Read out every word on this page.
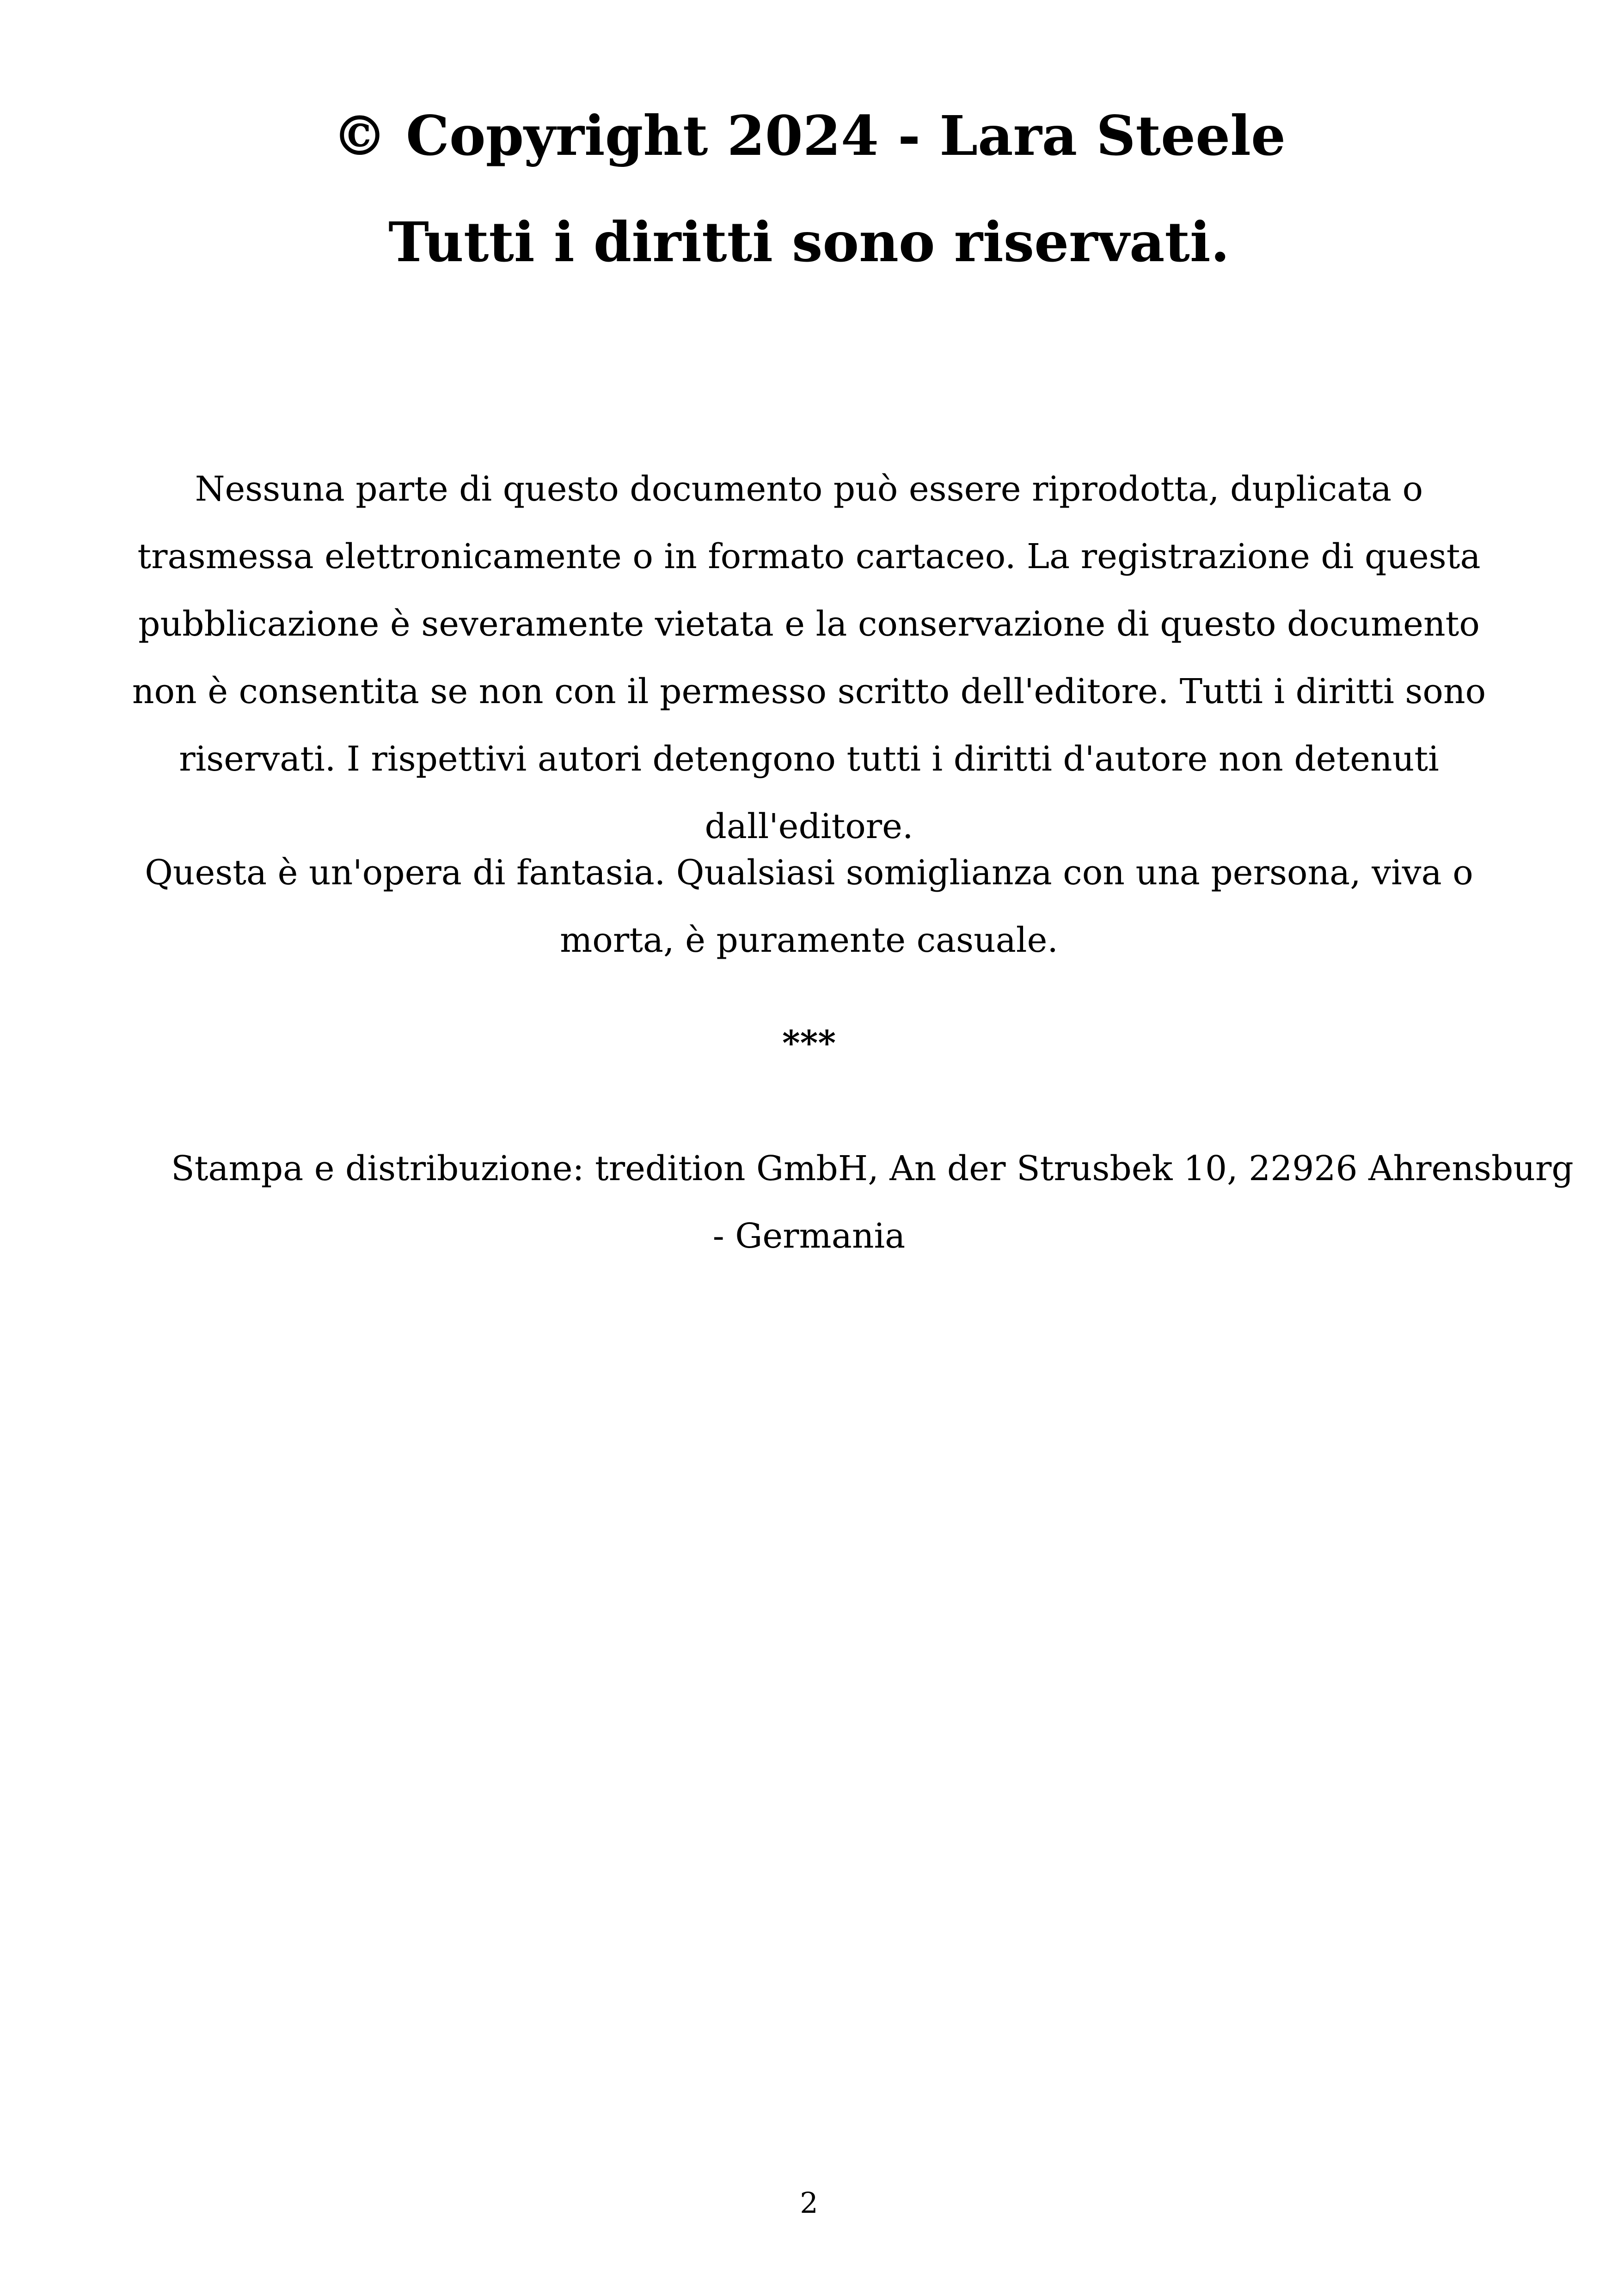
© Copyright 2024 - Lara Steele
Tutti i diritti sono riservati.

Nessuna parte di questo documento può essere riprodotta, duplicata o trasmessa elettronicamente o in formato cartaceo. La registrazione di questa pubblicazione è severamente vietata e la conservazione di questo documento non è consentita se non con il permesso scritto dell'editore. Tutti i diritti sono riservati. I rispettivi autori detengono tutti i diritti d'autore non detenuti dall'editore.

Questa è un'opera di fantasia. Qualsiasi somiglianza con una persona, viva o morta, è puramente casuale.

***
Stampa e distribuzione: tredition GmbH, An der Strusbek 10, 22926 Ahrensburg
- Germania
2
